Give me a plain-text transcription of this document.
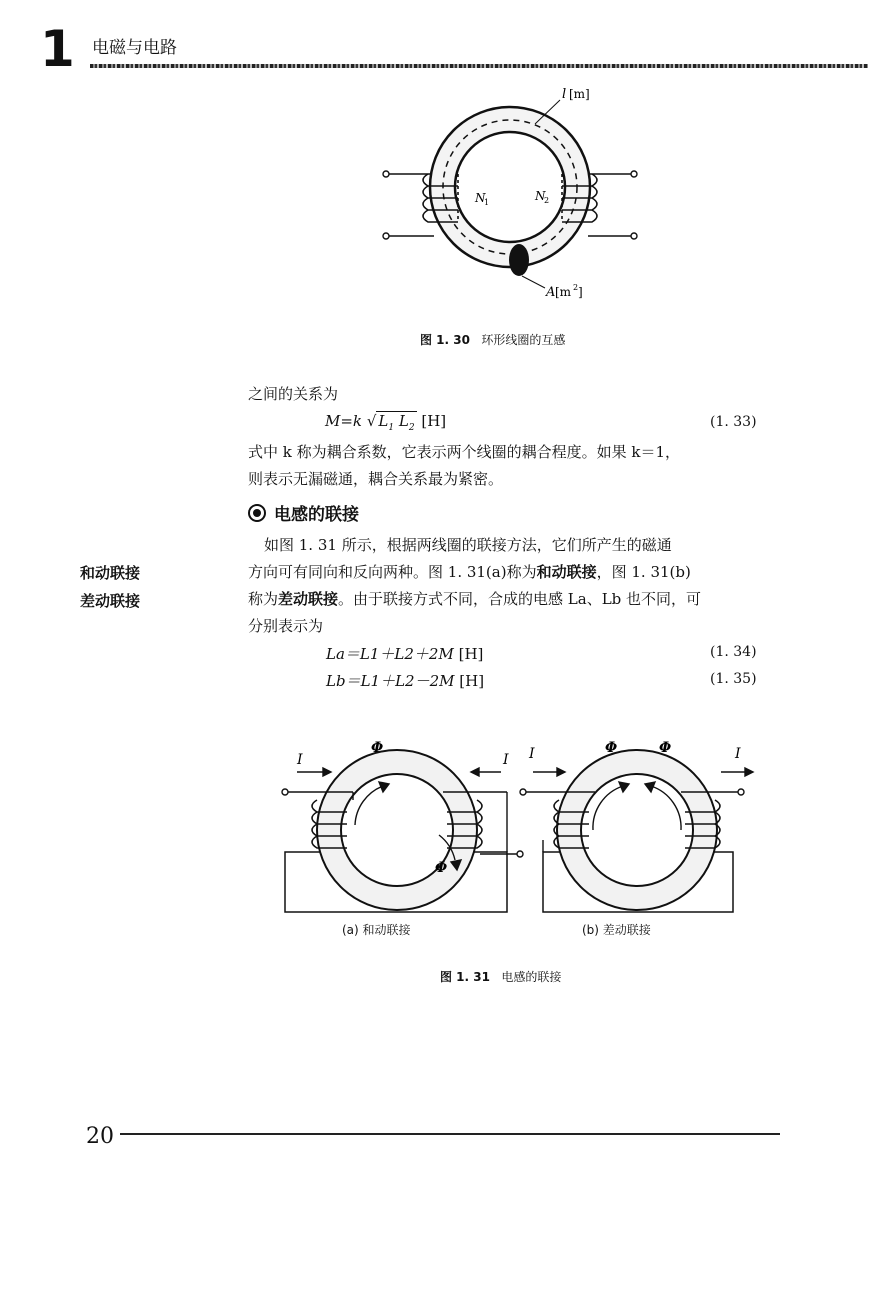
1 电磁与电路
l [m]
N
1	N
2
A [m 2 ]
图 1. 30 环形线圈的互感
之间的关系为
M=k √ $L_1$ $L_2$ [H]	(1. 33)
式中 k 称为耦合系数，它表示两个线圈的耦合程度。如果 k＝1，
则表示无漏磁通，耦合关系最为紧密。
电感的联接
如图 1. 31 所示，根据两线圈的联接方法，它们所产生的磁通
方向可有同向和反向两种。图 1. 31(a)称为和动联接，图 1. 31(b)
称为差动联接。由于联接方式不同，合成的电感 La、Lb 也不同，可
分别表示为
La＝L1＋L2＋2M [H]	(1. 34)
Lb＝L1＋L2－2M [H]	(1. 35)
和动联接
差动联接
I	I
Φ
Φ
I	I
Φ	Φ
(a) 和动联接	(b) 差动联接
图 1. 31 电感的联接
20
